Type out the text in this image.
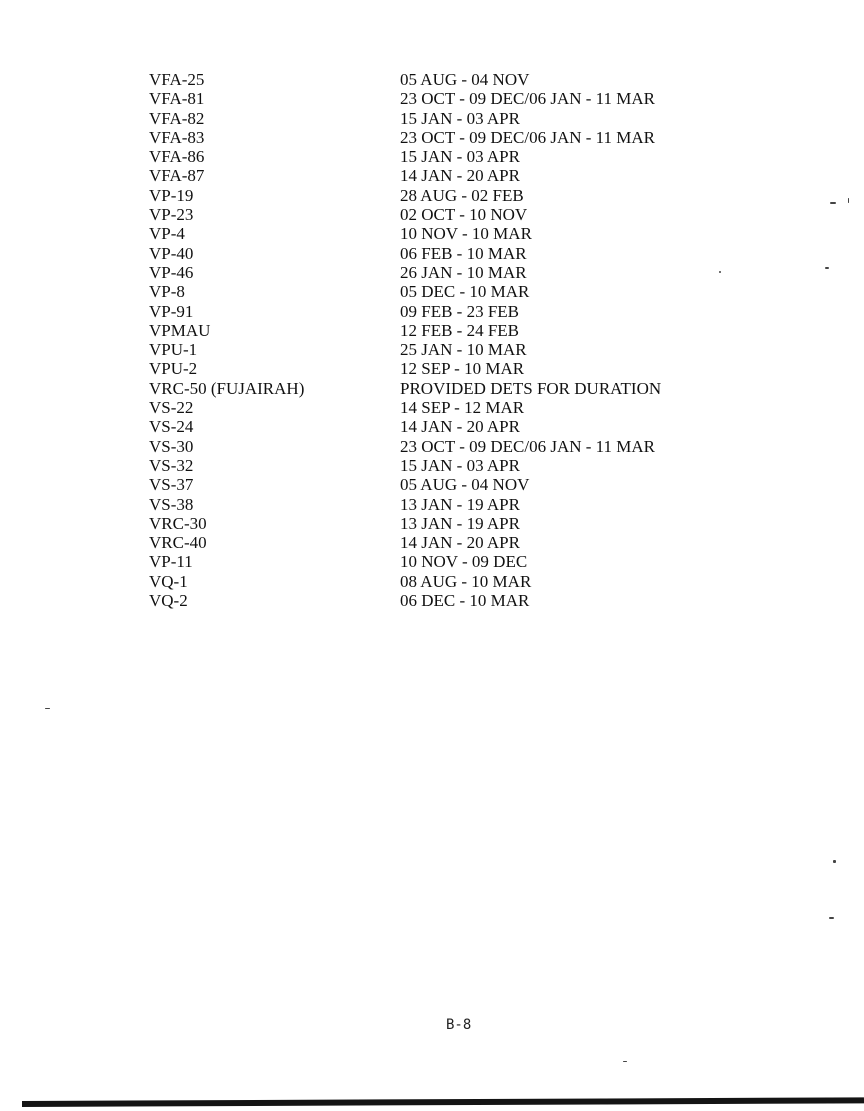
VFA-25	05 AUG - 04 NOV
VFA-81	23 OCT - 09 DEC/06 JAN - 11 MAR
VFA-82	15 JAN - 03 APR
VFA-83	23 OCT - 09 DEC/06 JAN - 11 MAR
VFA-86	15 JAN - 03 APR
VFA-87	14 JAN - 20 APR
VP-19	28 AUG - 02 FEB
VP-23	02 OCT - 10 NOV
VP-4	10 NOV - 10 MAR
VP-40	06 FEB - 10 MAR
VP-46	26 JAN - 10 MAR
VP-8	05 DEC - 10 MAR
VP-91	09 FEB - 23 FEB
VPMAU	12 FEB - 24 FEB
VPU-1	25 JAN - 10 MAR
VPU-2	12 SEP - 10 MAR
VRC-50 (FUJAIRAH)	PROVIDED DETS FOR DURATION
VS-22	14 SEP - 12 MAR
VS-24	14 JAN - 20 APR
VS-30	23 OCT - 09 DEC/06 JAN - 11 MAR
VS-32	15 JAN - 03 APR
VS-37	05 AUG - 04 NOV
VS-38	13 JAN - 19 APR
VRC-30	13 JAN - 19 APR
VRC-40	14 JAN - 20 APR
VP-11	10 NOV - 09 DEC
VQ-1	08 AUG - 10 MAR
VQ-2	06 DEC - 10 MAR
B-8
